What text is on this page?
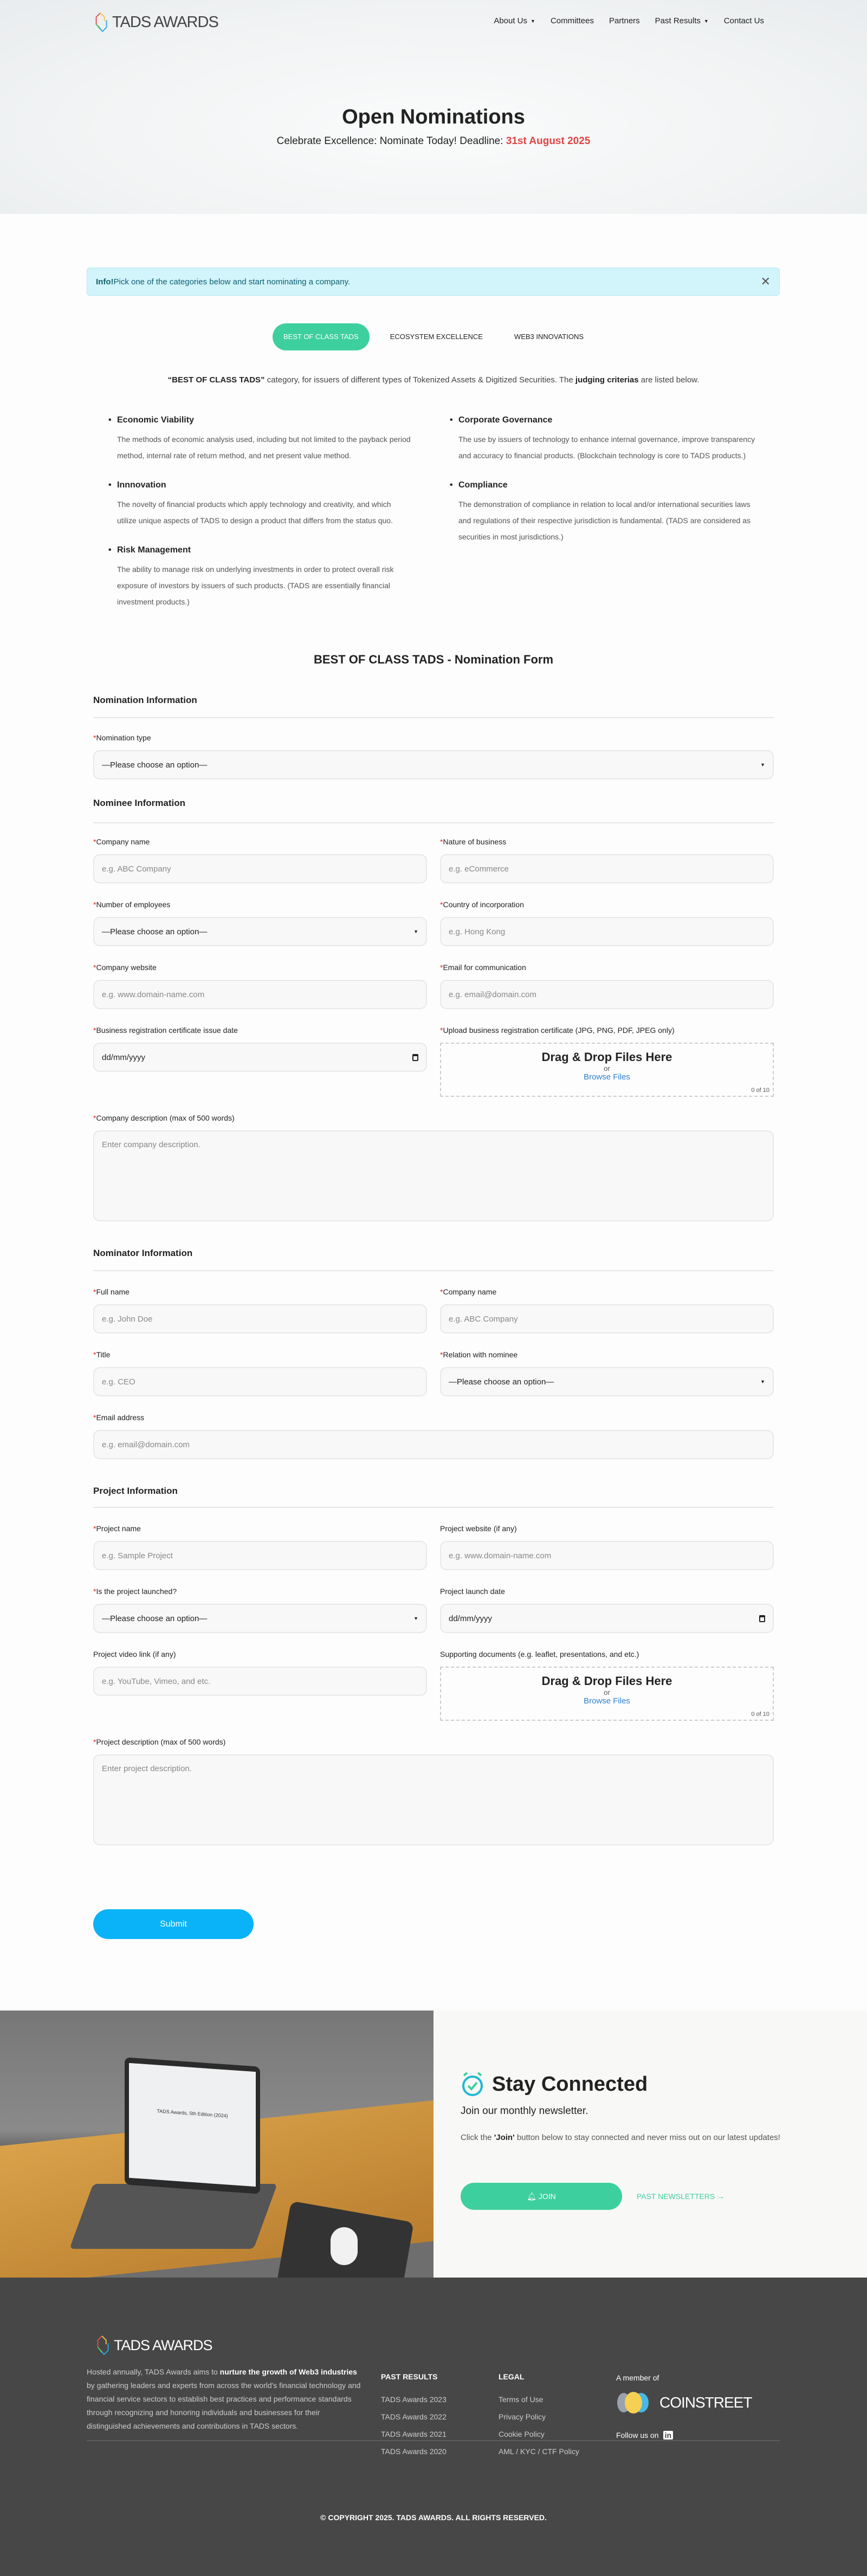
TADS AWARDS	About Us ▼ Committees Partners Past Results ▼ Contact Us
Open Nominations
Celebrate Excellence: Nominate Today! Deadline: 31st August 2025
Info! Pick one of the categories below and start nominating a company.	✕
BEST OF CLASS TADS	ECOSYSTEM EXCELLENCE	WEB3 INNOVATIONS
“BEST OF CLASS TADS” category, for issuers of different types of Tokenized Assets & Digitized Securities. The judging criterias are listed below.
• Economic Viability
The methods of economic analysis used, including but not limited to the payback period method, internal rate of return method, and net present value method.
• Innnovation
The novelty of financial products which apply technology and creativity, and which utilize unique aspects of TADS to design a product that differs from the status quo.
• Risk Management
The ability to manage risk on underlying investments in order to protect overall risk exposure of investors by issuers of such products. (TADS are essentially financial investment products.)
• Corporate Governance
The use by issuers of technology to enhance internal governance, improve transparency and accuracy to financial products. (Blockchain technology is core to TADS products.)
• Compliance
The demonstration of compliance in relation to local and/or international securities laws and regulations of their respective jurisdiction is fundamental. (TADS are considered as securities in most jurisdictions.)
BEST OF CLASS TADS - Nomination Form
Nomination Information
*Nomination type
—Please choose an option—	▼
Nominee Information
*Company name
e.g. ABC Company
*Nature of business
e.g. eCommerce
*Number of employees
—Please choose an option—	▼
*Country of incorporation
e.g. Hong Kong
*Company website
e.g. www.domain-name.com
*Email for communication
e.g. email@domain.com
*Business registration certificate issue date
dd/mm/yyyy
*Upload business registration certificate (JPG, PNG, PDF, JPEG only)
Drag & Drop Files Here
or
Browse Files
0 of 10
*Company description (max of 500 words)
Enter company description.
Nominator Information
*Full name
e.g. John Doe
*Company name
e.g. ABC Company
*Title
e.g. CEO
*Relation with nominee
—Please choose an option—	▼
*Email address
e.g. email@domain.com
Project Information
*Project name
e.g. Sample Project
Project website (if any)
e.g. www.domain-name.com
*Is the project launched?
—Please choose an option—	▼
Project launch date
dd/mm/yyyy
Project video link (if any)
e.g. YouTube, Vimeo, and etc.
Supporting documents (e.g. leaflet, presentations, and etc.)
Drag & Drop Files Here
or
Browse Files
0 of 10
*Project description (max of 500 words)
Enter project description.
Submit
TADS Awards, 5th Edition (2024)
Stay Connected
Join our monthly newsletter.
Click the 'Join' button below to stay connected and never miss out on our latest updates!
🔔︎ JOIN	PAST NEWSLETTERS →
TADS AWARDS
Hosted annually, TADS Awards aims to nurture the growth of Web3 industries by gathering leaders and experts from across the world's financial technology and financial service sectors to establish best practices and performance standards through recognizing and honoring individuals and businesses for their distinguished achievements and contributions in TADS sectors.
PAST RESULTS
TADS Awards 2023
TADS Awards 2022
TADS Awards 2021
TADS Awards 2020
LEGAL
Terms of Use
Privacy Policy
Cookie Policy
AML / KYC / CTF Policy
A member of
COINSTREET
Follow us on in
© COPYRIGHT 2025. TADS AWARDS. ALL RIGHTS RESERVED.
